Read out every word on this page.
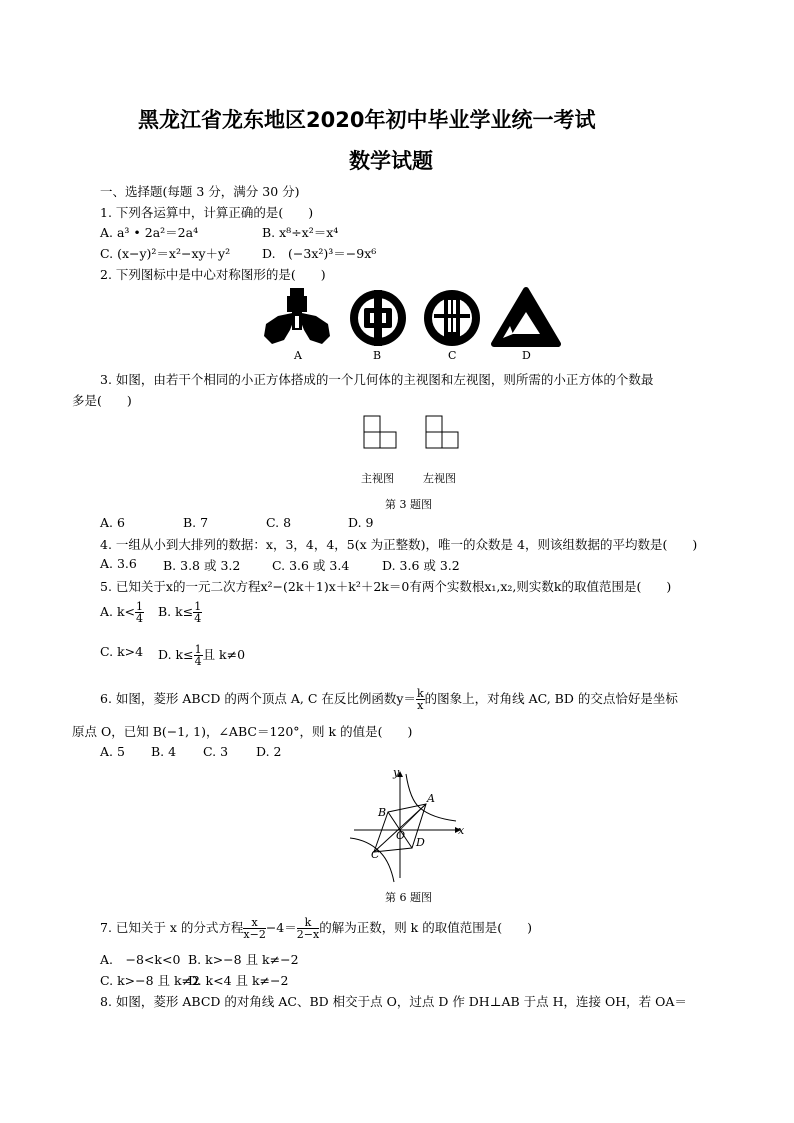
黑龙江省龙东地区2020年初中毕业学业统一考试
数学试题
一、选择题(每题 3 分，满分 30 分)
1. 下列各运算中，计算正确的是(　　)
A. a³ • 2a²＝2a⁴	B. x⁸÷x²＝x⁴
C. (x−y)²＝x²−xy＋y²	D.　(−3x²)³＝−9x⁶
2. 下列图标中是中心对称图形的是(　　)
A	B	C	D
3. 如图，由若干个相同的小正方体搭成的一个几何体的主视图和左视图，则所需的小正方体的个数最
多是(　　)
主视图	左视图
第 3 题图
A. 6	B. 7	C. 8	D. 9
4. 一组从小到大排列的数据：x，3，4，4，5(x 为正整数)，唯一的众数是 4，则该组数据的平均数是(　　)
A. 3.6 B. 3.8 或 3.2	C. 3.6 或 3.4	D. 3.6 或 3.2
5. 已知关于x的一元二次方程x²−(2k＋1)x＋k²＋2k＝0有两个实数根x₁,x₂,则实数k的取值范围是(　　)
A. $k< \frac{1}{4} B$. $k\le \frac{1}{4}$
C. k>4 D. $k\le \frac{1}{4}$ 且 k≠0
6. 如图，菱形 ABCD 的两个顶点 A, C 在反比例函数$y= \frac{k}{x}$ 的图象上，对角线 AC, BD 的交点恰好是坐标
原点 O，已知 B(−1, 1)，∠ABC＝120°，则 k 的值是(　　)
A. 5 B. 4 C. 3 D. 2
y
x
A
B
C
D
O
第 6 题图
7. 已知关于 x 的分式方程 $\frac{x}{x-2} -4= \frac{k}{2-x}$ 的解为正数，则 k 的取值范围是(　　)
A.　−8<k<0 B. k>−8 且 k≠−2
C. k>−8 且 k≠2
D. k<4 且 k≠−2
8. 如图，菱形 ABCD 的对角线 AC、BD 相交于点 O，过点 D 作 DH⊥AB 于点 H，连接 OH，若 OA＝
